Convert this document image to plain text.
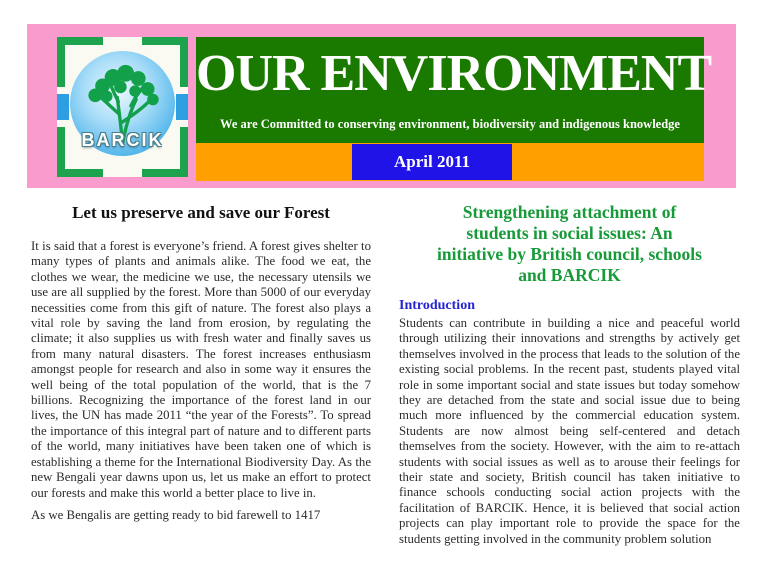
BARCIK
OUR ENVIRONMENT
We are Committed to conserving environment, biodiversity and indigenous knowledge
April 2011
Let us preserve and save our Forest
It is said that a forest is everyone’s friend. A forest gives shelter to many types of plants and animals alike. The food we eat, the clothes we wear, the medicine we use, the necessary utensils we use are all supplied by the forest. More than 5000 of our everyday necessities come from this gift of nature. The forest also plays a vital role by saving the land from erosion, by regulating the climate; it also supplies us with fresh water and finally saves us from many natural disasters. The forest increases enthusiasm amongst people for research and also in some way it ensures the well being of the total population of the world, that is the 7 billions. Recognizing the importance of the forest land in our lives, the UN has made 2011 “the year of the Forests”. To spread the importance of this integral part of nature and to different parts of the world, many initiatives have been taken one of which is establishing a theme for the International Biodiversity Day. As the new Bengali year dawns upon us, let us make an effort to protect our forests and make this world a better place to live in.
As we Bengalis are getting ready to bid farewell to 1417
Strengthening attachment of
students in social issues: An
initiative by British council, schools
and BARCIK
Introduction
Students can contribute in building a nice and peaceful world through utilizing their innovations and strengths by actively get themselves involved in the process that leads to the solution of the existing social problems. In the recent past, students played vital role in some important social and state issues but today somehow they are detached from the state and social issue due to being much more influenced by the commercial education system. Students are now almost being self-centered and detach themselves from the society. However, with the aim to re-attach students with social issues as well as to arouse their feelings for their state and society, British council has taken initiative to finance schools conducting social action projects with the facilitation of BARCIK. Hence, it is believed that social action projects can play important role to provide the space for the students getting involved in the community problem solution
